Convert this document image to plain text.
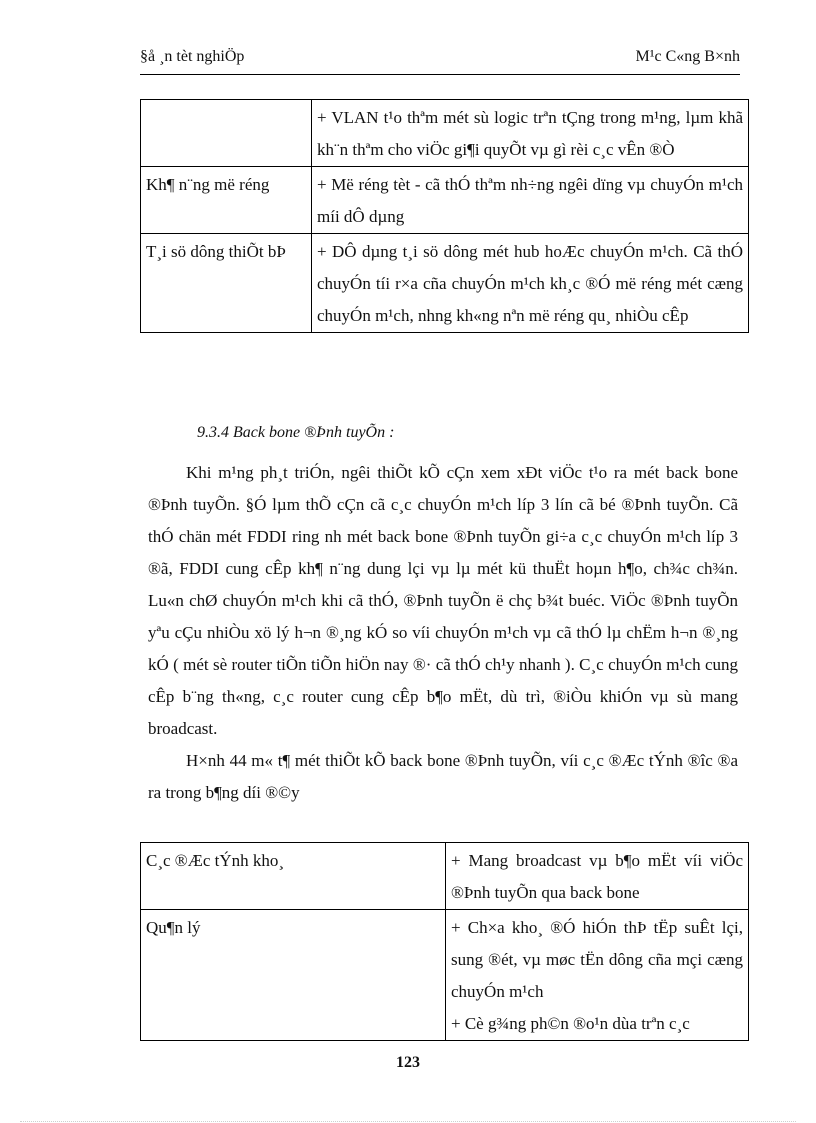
§å ¸n tèt nghiÖp	M¹c C«ng B×nh
	+ VLAN t¹o thªm mét sù logic trªn tÇng trong m¹ng, lµm khã kh¨n thªm cho viÖc gi¶i quyÕt vµ gì rèi c¸c vÊn ®Ò
Kh¶ n¨ng më réng	+ Më réng tèt - cã thÓ thªm nh÷ng ngêi dïng vµ chuyÓn m¹ch míi dÔ dµng
T¸i sö dông thiÕt bÞ	+ DÔ dµng t¸i sö dông mét hub hoÆc chuyÓn m¹ch. Cã thÓ chuyÓn tíi r×a cña chuyÓn m¹ch kh¸c ®Ó më réng mét cæng chuyÓn m¹ch, nhng kh«ng nªn më réng qu¸ nhiÒu cÊp
9.3.4 Back bone ®Þnh tuyÕn :

Khi m¹ng ph¸t triÓn, ngêi thiÕt kÕ cÇn xem xÐt viÖc t¹o ra mét back bone ®Þnh tuyÕn. §Ó lµm thÕ cÇn cã c¸c chuyÓn m¹ch líp 3 lín cã bé ®Þnh tuyÕn. Cã thÓ chän mét FDDI ring nh mét back bone ®Þnh tuyÕn gi÷a c¸c chuyÓn m¹ch líp 3 ®ã, FDDI cung cÊp kh¶ n¨ng dung lçi vµ lµ mét kü thuËt hoµn h¶o, ch¾c ch¾n. Lu«n chØ chuyÓn m¹ch khi cã thÓ, ®Þnh tuyÕn ë chç b¾t buéc. ViÖc ®Þnh tuyÕn yªu cÇu nhiÒu xö lý h¬n ®¸ng kÓ so víi chuyÓn m¹ch vµ cã thÓ lµ chËm h¬n ®¸ng kÓ ( mét sè router tiÕn tiÕn hiÖn nay ®· cã thÓ ch¹y nhanh ). C¸c chuyÓn m¹ch cung cÊp b¨ng th«ng, c¸c router cung cÊp b¶o mËt, dù trì, ®iÒu khiÓn vµ sù mang broadcast.

H×nh 44 m« t¶ mét thiÕt kÕ back bone ®Þnh tuyÕn, víi c¸c ®Æc tÝnh ®îc ®a ra trong b¶ng díi ®©y

C¸c ®Æc tÝnh kho¸	+ Mang broadcast vµ b¶o mËt víi viÖc ®Þnh tuyÕn qua back bone

Qu¶n lý	+ Ch×a kho¸ ®Ó hiÓn thÞ tËp suÊt lçi, sung ®ét, vµ møc tËn dông cña mçi cæng chuyÓn m¹ch
+ Cè g¾ng ph©n ®o¹n dùa trªn c¸c
123
